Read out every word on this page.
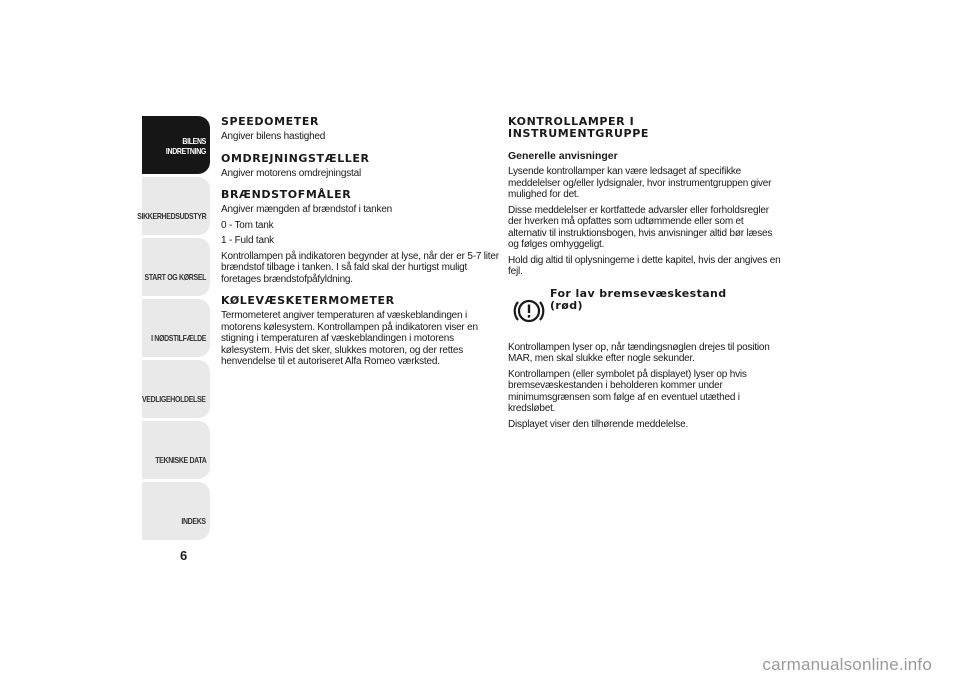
BILENS INDRETNING
SIKKERHEDSUDSTYR
START OG KØRSEL
I NØDSTILFÆLDE
VEDLIGEHOLDELSE
TEKNISKE DATA
INDEKS
6
SPEEDOMETER

Angiver bilens hastighed

OMDREJNINGSTÆLLER

Angiver motorens omdrejningstal

BRÆNDSTOFMÅLER

Angiver mængden af brændstof i tanken

0 - Tom tank

1 - Fuld tank

Kontrollampen på indikatoren begynder at lyse, når der er 5-7 liter brændstof tilbage i tanken. I så fald skal der hurtigst muligt foretages brændstofpåfyldning.

KØLEVÆSKETERMOMETER

Termometeret angiver temperaturen af væskeblandingen i motorens kølesystem. Kontrollampen på indikatoren viser en stigning i temperaturen af væskeblandingen i motorens kølesystem. Hvis det sker, slukkes motoren, og der rettes henvendelse til et autoriseret Alfa Romeo værksted.

KONTROLLAMPER I INSTRUMENTGRUPPE
Generelle anvisninger

Lysende kontrollamper kan være ledsaget af specifikke meddelelser og/eller lydsignaler, hvor instrumentgruppen giver mulighed for det.

Disse meddelelser er kortfattede advarsler eller forholdsregler der hverken må opfattes som udtømmende eller som et alternativ til instruktionsbogen, hvis anvisninger altid bør læses og følges omhyggeligt.

Hold dig altid til oplysningerne i dette kapitel, hvis der angives en fejl.

For lav bremsevæskestand (rød)

Kontrollampen lyser op, når tændingsnøglen drejes til position MAR, men skal slukke efter nogle sekunder.

Kontrollampen (eller symbolet på displayet) lyser op hvis bremsevæskestanden i beholderen kommer under minimumsgrænsen som følge af en eventuel utæthed i kredsløbet.

Displayet viser den tilhørende meddelelse.

carmanualsonline.info
